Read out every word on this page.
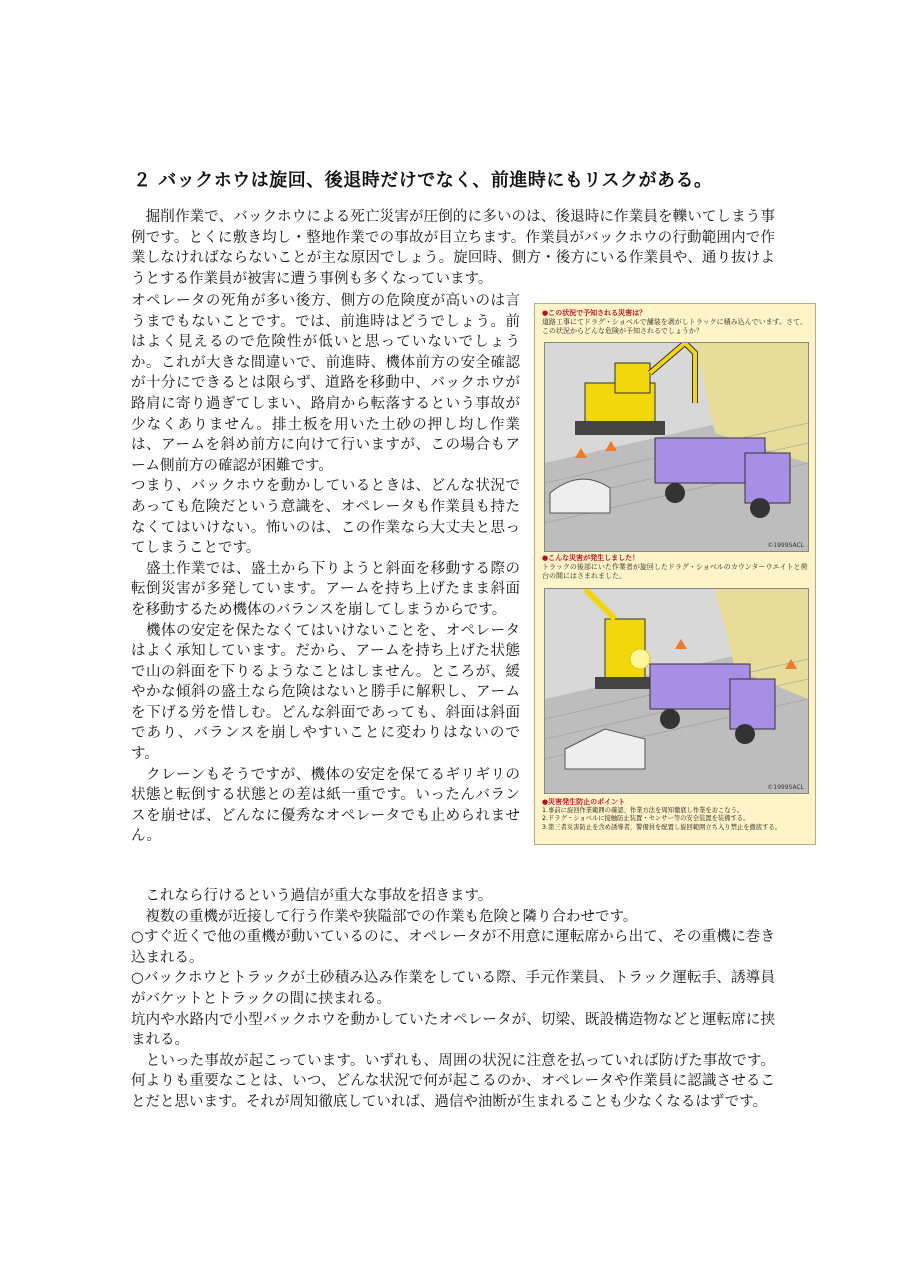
２ バックホウは旋回、後退時だけでなく、前進時にもリスクがある。
　掘削作業で、バックホウによる死亡災害が圧倒的に多いのは、後退時に作業員を轢いてしまう事例です。とくに敷き均し・整地作業での事故が目立ちます。作業員がバックホウの行動範囲内で作業しなければならないことが主な原因でしょう。旋回時、側方・後方にいる作業員や、通り抜けようとする作業員が被害に遭う事例も多くなっています。

オペレータの死角が多い後方、側方の危険度が高いのは言うまでもないことです。では、前進時はどうでしょう。前はよく見えるので危険性が低いと思っていないでしょうか。これが大きな間違いで、前進時、機体前方の安全確認が十分にできるとは限らず、道路を移動中、バックホウが路肩に寄り過ぎてしまい、路肩から転落するという事故が少なくありません。排土板を用いた土砂の押し均し作業は、アームを斜め前方に向けて行いますが、この場合もアーム側前方の確認が困難です。

つまり、バックホウを動かしているときは、どんな状況であっても危険だという意識を、オペレータも作業員も持たなくてはいけない。怖いのは、この作業なら大丈夫と思ってしまうことです。

　盛土作業では、盛土から下りようと斜面を移動する際の転倒災害が多発しています。アームを持ち上げたまま斜面を移動するため機体のバランスを崩してしまうからです。

　機体の安定を保たなくてはいけないことを、オペレータはよく承知しています。だから、アームを持ち上げた状態で山の斜面を下りるようなことはしません。ところが、緩やかな傾斜の盛土なら危険はないと勝手に解釈し、アームを下げる労を惜しむ。どんな斜面であっても、斜面は斜面であり、バランスを崩しやすいことに変わりはないのです。

　クレーンもそうですが、機体の安定を保てるギリギリの状態と転倒する状態との差は紙一重です。いったんバランスを崩せば、どんなに優秀なオペレータでも止められません。

●この状況で予知される災害は？
道路工事にてドラグ・ショベルで舗装を剥がしトラックに積み込んでいます。さて、この状況からどんな危険が予知されるでしょうか？
©1999SACL
●こんな災害が発生しました！
トラックの後部にいた作業者が旋回したドラグ・ショベルのカウンターウエイトと荷台の間にはさまれました。
©1999SACL
●災害発生防止のポイント
1.事前に旋回作業範囲の確認、作業方法を周知徹底し作業をおこなう。
2.ドラグ・ショベルに接触防止装置・センサー等の安全装置を装備する。
3.第三者災害防止を含め誘導者、警備員を配置し旋回範囲立ち入り禁止を徹底する。

　これなら行けるという過信が重大な事故を招きます。

　複数の重機が近接して行う作業や狭隘部での作業も危険と隣り合わせです。

○すぐ近くで他の重機が動いているのに、オペレータが不用意に運転席から出て、その重機に巻き込まれる。

○バックホウとトラックが土砂積み込み作業をしている際、手元作業員、トラック運転手、誘導員がバケットとトラックの間に挟まれる。

坑内や水路内で小型バックホウを動かしていたオペレータが、切梁、既設構造物などと運転席に挟まれる。

　といった事故が起こっています。いずれも、周囲の状況に注意を払っていれば防げた事故です。何よりも重要なことは、いつ、どんな状況で何が起こるのか、オペレータや作業員に認識させることだと思います。それが周知徹底していれば、過信や油断が生まれることも少なくなるはずです。
